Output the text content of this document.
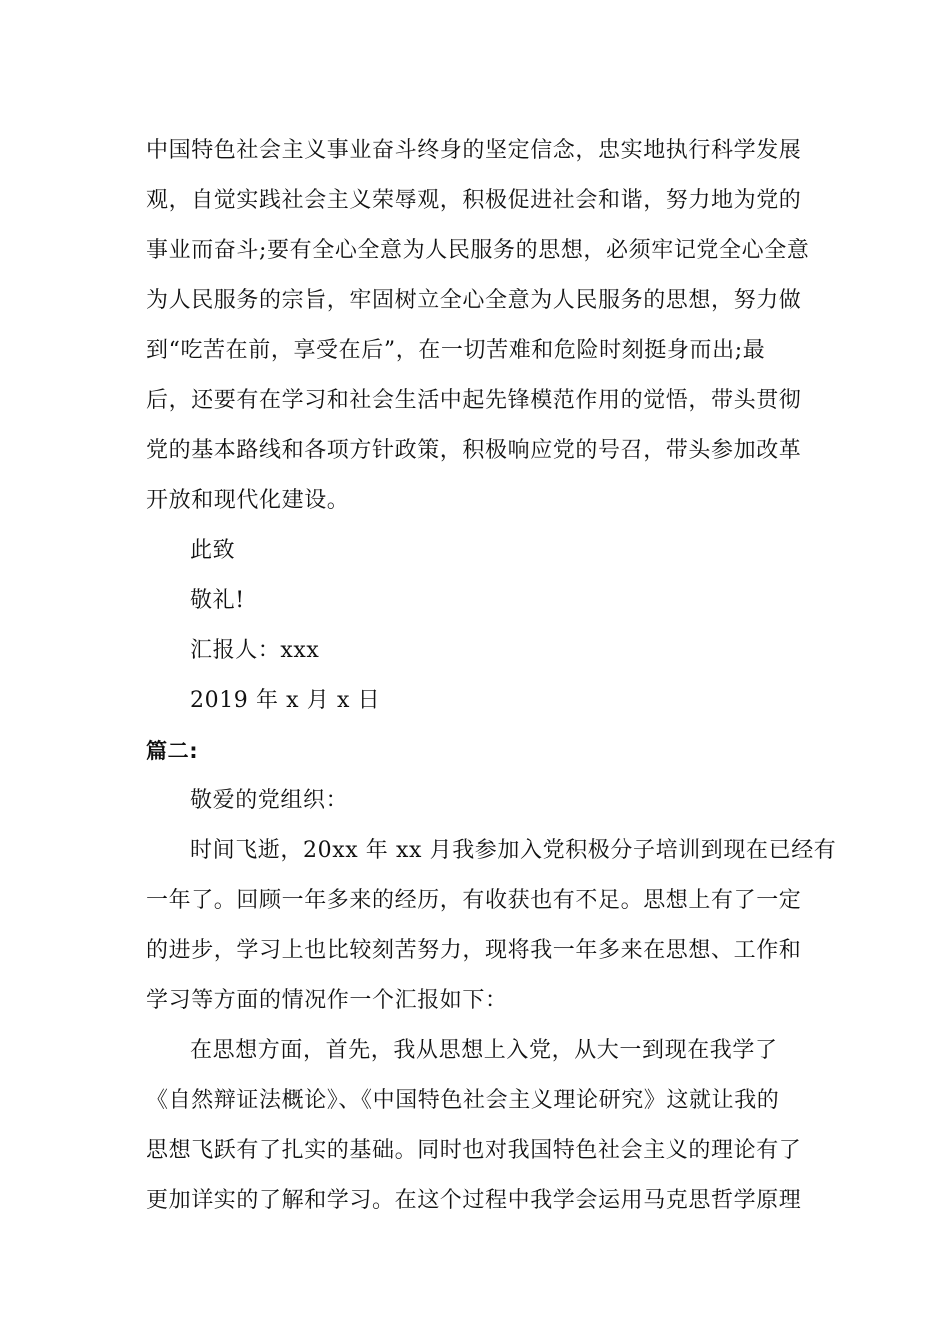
中国特色社会主义事业奋斗终身的坚定信念，忠实地执行科学发展
观，自觉实践社会主义荣辱观，积极促进社会和谐，努力地为党的
事业而奋斗;要有全心全意为人民服务的思想，必须牢记党全心全意
为人民服务的宗旨，牢固树立全心全意为人民服务的思想，努力做
到“吃苦在前，享受在后”，在一切苦难和危险时刻挺身而出;最
后，还要有在学习和社会生活中起先锋模范作用的觉悟，带头贯彻
党的基本路线和各项方针政策，积极响应党的号召，带头参加改革
开放和现代化建设。
此致
敬礼!
汇报人：xxx
2019 年 x 月 x 日
篇二:
敬爱的党组织：
时间飞逝，20xx 年 xx 月我参加入党积极分子培训到现在已经有
一年了。回顾一年多来的经历，有收获也有不足。思想上有了一定
的进步，学习上也比较刻苦努力，现将我一年多来在思想、工作和
学习等方面的情况作一个汇报如下：
在思想方面，首先，我从思想上入党，从大一到现在我学了
《自然辩证法概论》、《中国特色社会主义理论研究》这就让我的
思想飞跃有了扎实的基础。同时也对我国特色社会主义的理论有了
更加详实的了解和学习。在这个过程中我学会运用马克思哲学原理
